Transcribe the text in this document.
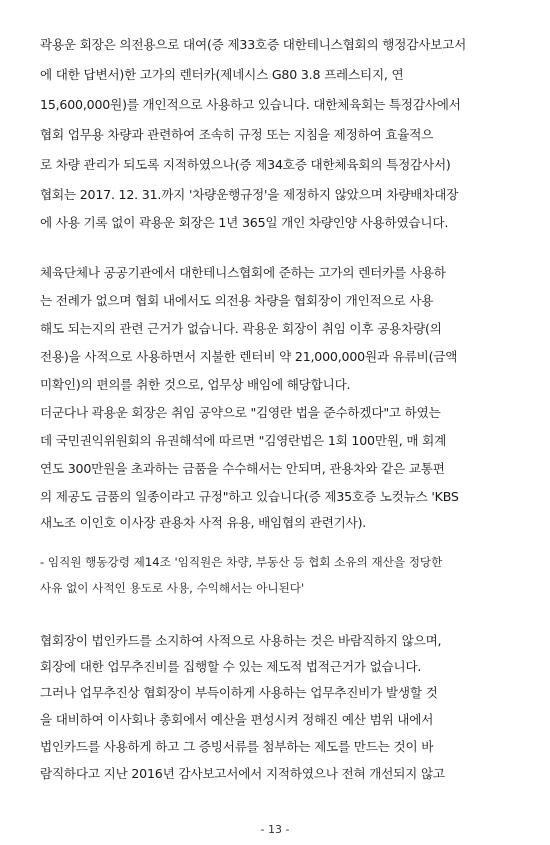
곽용운 회장은 의전용으로 대여(증 제33호증 대한테니스협회의 행정감사보고서
에 대한 답변서)한 고가의 렌터카(제네시스 G80 3.8 프레스티지, 연
15,600,000원)를 개인적으로 사용하고 있습니다. 대한체육회는 특정감사에서
협회 업무용 차량과 관련하여 조속히 규정 또는 지침을 제정하여 효율적으
로 차량 관리가 되도록 지적하였으나(증 제34호증 대한체육회의 특정감사서)
협회는 2017. 12. 31.까지 '차량운행규정'을 제정하지 않았으며 차량배차대장
에 사용 기록 없이 곽용운 회장은 1년 365일 개인 차량인양 사용하였습니다.
체육단체나 공공기관에서 대한테니스협회에 준하는 고가의 렌터카를 사용하
는 전례가 없으며 협회 내에서도 의전용 차량을 협회장이 개인적으로 사용
해도 되는지의 관련 근거가 없습니다. 곽용운 회장이 취임 이후 공용차량(의
전용)을 사적으로 사용하면서 지불한 렌터비 약 21,000,000원과 유류비(금액
미확인)의 편의를 취한 것으로, 업무상 배임에 해당합니다.
더군다나 곽용운 회장은 취임 공약으로 "김영란 법을 준수하겠다"고 하였는
데 국민권익위원회의 유권해석에 따르면 "김영란법은 1회 100만원, 매 회계
연도 300만원을 초과하는 금품을 수수해서는 안되며, 관용차와 같은 교통편
의 제공도 금품의 일종이라고 규정"하고 있습니다(증 제35호증 노컷뉴스 'KBS
새노조 이인호 이사장 관용차 사적 유용, 배임협의 관련기사).
- 임직원 행동강령 제14조 '임직원은 차량, 부동산 등 협회 소유의 재산을 정당한
사유 없이 사적인 용도로 사용, 수익해서는 아니된다'
협회장이 법인카드를 소지하여 사적으로 사용하는 것은 바람직하지 않으며,
회장에 대한 업무추진비를 집행할 수 있는 제도적 법적근거가 없습니다.
그러나 업무추진상 협회장이 부득이하게 사용하는 업무추진비가 발생할 것
을 대비하여 이사회나 총회에서 예산을 편성시켜 정해진 예산 범위 내에서
법인카드를 사용하게 하고 그 증빙서류를 첨부하는 제도를 만드는 것이 바
람직하다고 지난 2016년 감사보고서에서 지적하였으나 전혀 개선되지 않고
- 13 -
